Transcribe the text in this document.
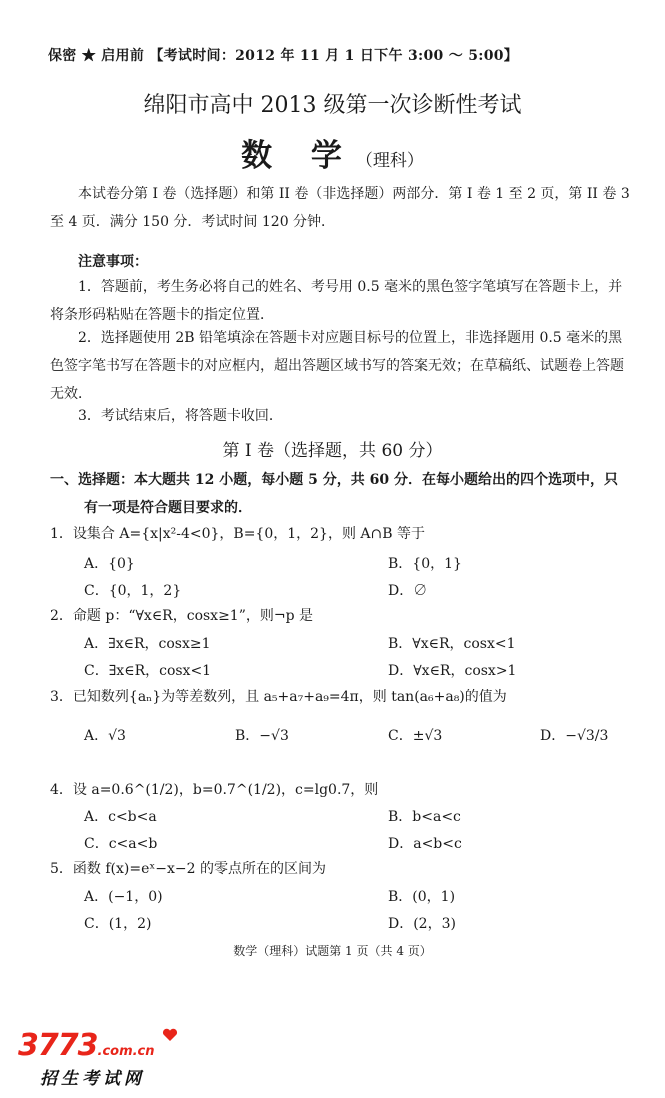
保密 ★ 启用前 【考试时间：2012 年 11 月 1 日下午 3:00 ～ 5:00】
绵阳市高中 2013 级第一次诊断性考试
数 学（理科）
本试卷分第 I 卷（选择题）和第 II 卷（非选择题）两部分．第 I 卷 1 至 2 页，第 II 卷 3 至 4 页．满分 150 分．考试时间 120 分钟．
注意事项：
1．答题前，考生务必将自己的姓名、考号用 0.5 毫米的黑色签字笔填写在答题卡上，并将条形码粘贴在答题卡的指定位置．
2．选择题使用 2B 铅笔填涂在答题卡对应题目标号的位置上，非选择题用 0.5 毫米的黑色签字笔书写在答题卡的对应框内，超出答题区域书写的答案无效；在草稿纸、试题卷上答题无效．
3．考试结束后，将答题卡收回．
第 I 卷（选择题，共 60 分）
一、选择题：本大题共 12 小题，每小题 5 分，共 60 分．在每小题给出的四个选项中，只
有一项是符合题目要求的．
1．设集合 A={x|x²-4<0}，B={0，1，2}，则 A∩B 等于
A．{0}	B．{0，1}
C．{0，1，2}	D．∅
2．命题 p：“∀x∈R，cosx≥1”，则¬p 是
A．∃x∈R，cosx≥1	B．∀x∈R，cosx<1
C．∃x∈R，cosx<1	D．∀x∈R，cosx>1
3．已知数列{aₙ}为等差数列，且 a₅+a₇+a₉=4π，则 tan(a₆+a₈)的值为
A．√3	B．−√3	C．±√3	D．−√3/3
4．设 a=0.6^(1/2)，b=0.7^(1/2)，c=lg0.7，则
A．c<b<a	B．b<a<c
C．c<a<b	D．a<b<c
5．函数 f(x)=eˣ−x−2 的零点所在的区间为
A．(−1，0)	B．(0，1)
C．(1，2)	D．(2，3)
数学（理科）试题第 1 页（共 4 页）
3773.com.cn
招生考试网
